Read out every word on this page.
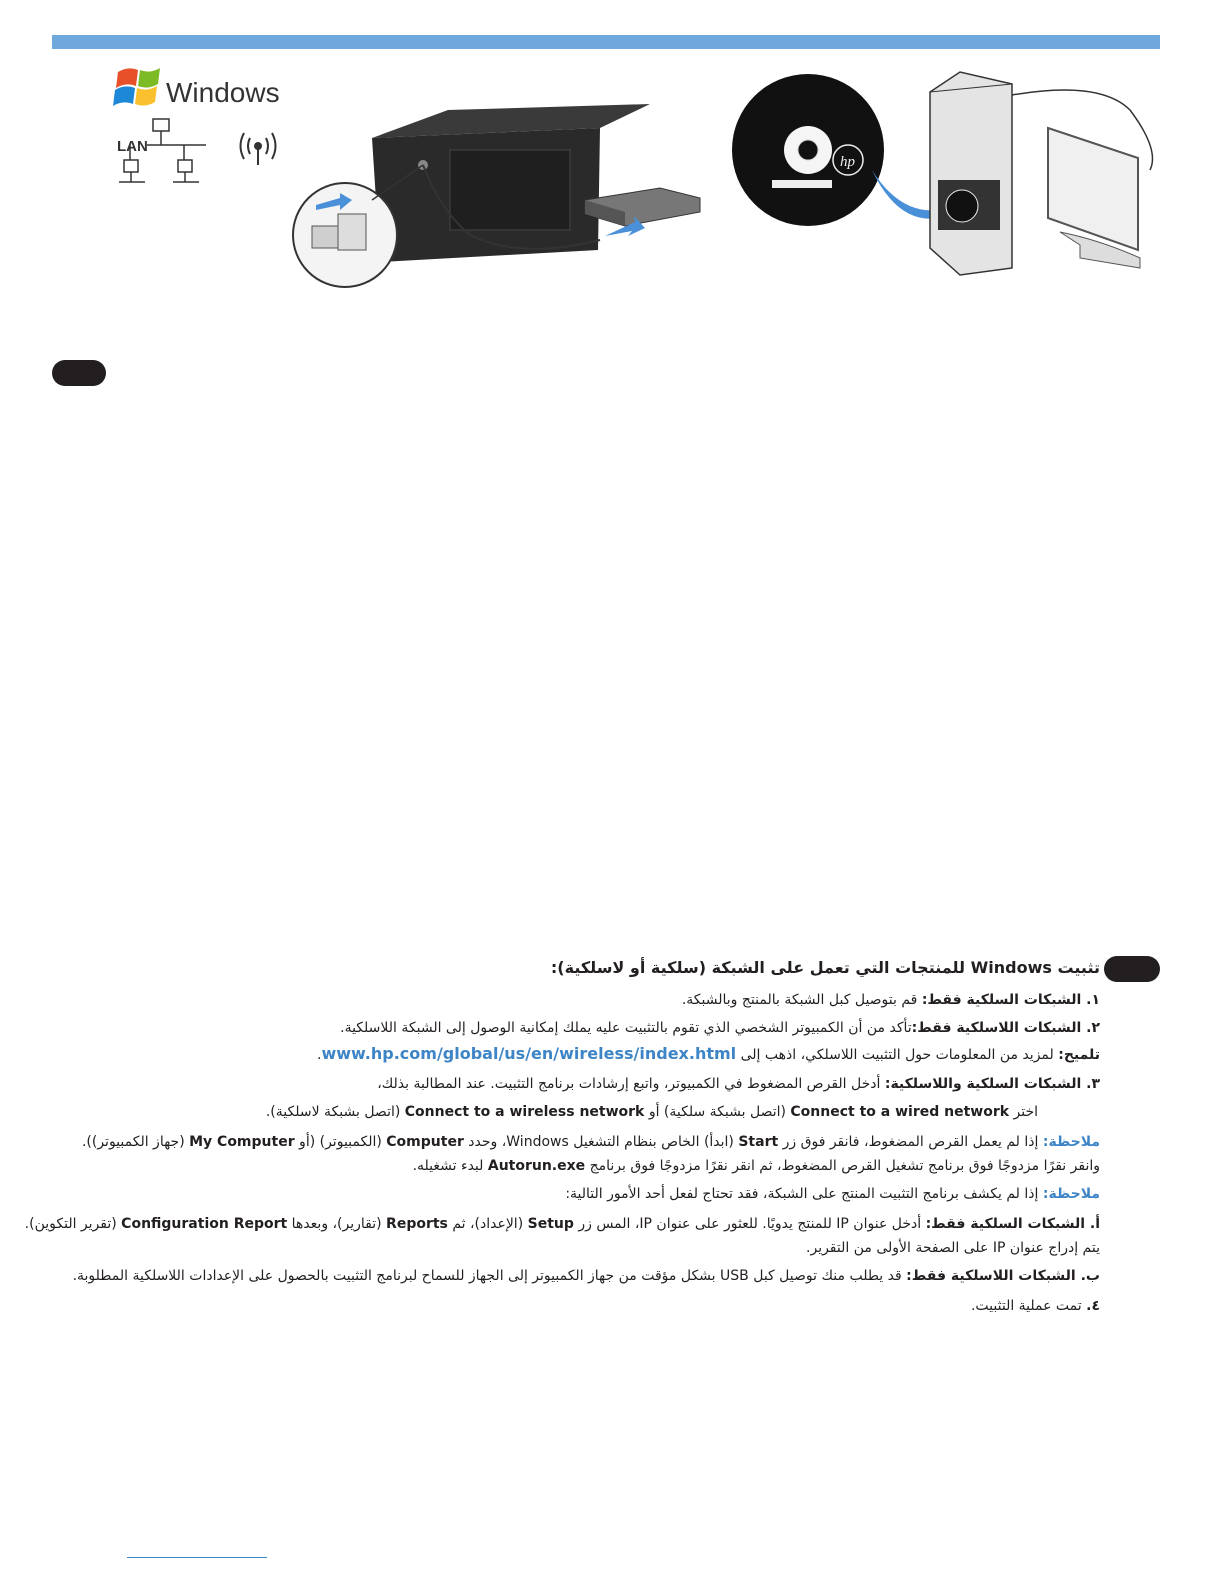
Windows
LAN
hp
تثبيت Windows للمنتجات التي تعمل على الشبكة (سلكية أو لاسلكية):
١. الشبكات السلكية فقط: قم بتوصيل كبل الشبكة بالمنتج وبالشبكة.
٢. الشبكات اللاسلكية فقط:تأكد من أن الكمبيوتر الشخصي الذي تقوم بالتثبيت عليه يملك إمكانية الوصول إلى الشبكة اللاسلكية.
تلميح: لمزيد من المعلومات حول التثبيت اللاسلكي، اذهب إلى www.hp.com/global/us/en/wireless/index.html.
٣. الشبكات السلكية واللاسلكية: أدخل القرص المضغوط في الكمبيوتر، واتبع إرشادات برنامج التثبيت. عند المطالبة بذلك،
اختر Connect to a wired network (اتصل بشبكة سلكية) أو Connect to a wireless network (اتصل بشبكة لاسلكية).
ملاحظة: إذا لم يعمل القرص المضغوط، فانقر فوق زر Start (ابدأ) الخاص بنظام التشغيل Windows، وحدد Computer (الكمبيوتر) (أو My Computer (جهاز الكمبيوتر)).
وانقر نقرًا مزدوجًا فوق برنامج تشغيل القرص المضغوط، ثم انقر نقرًا مزدوجًا فوق برنامج Autorun.exe لبدء تشغيله.
ملاحظة: إذا لم يكشف برنامج التثبيت المنتج على الشبكة، فقد تحتاج لفعل أحد الأمور التالية:
أ. الشبكات السلكية فقط: أدخل عنوان IP للمنتج يدويًا. للعثور على عنوان IP، المس زر Setup (الإعداد)، ثم Reports (تقارير)، وبعدها Configuration Report (تقرير التكوين).
يتم إدراج عنوان IP على الصفحة الأولى من التقرير.
ب. الشبكات اللاسلكية فقط: قد يطلب منك توصيل كبل USB بشكل مؤقت من جهاز الكمبيوتر إلى الجهاز للسماح لبرنامج التثبيت بالحصول على الإعدادات اللاسلكية المطلوبة.
٤. تمت عملية التثبيت.
